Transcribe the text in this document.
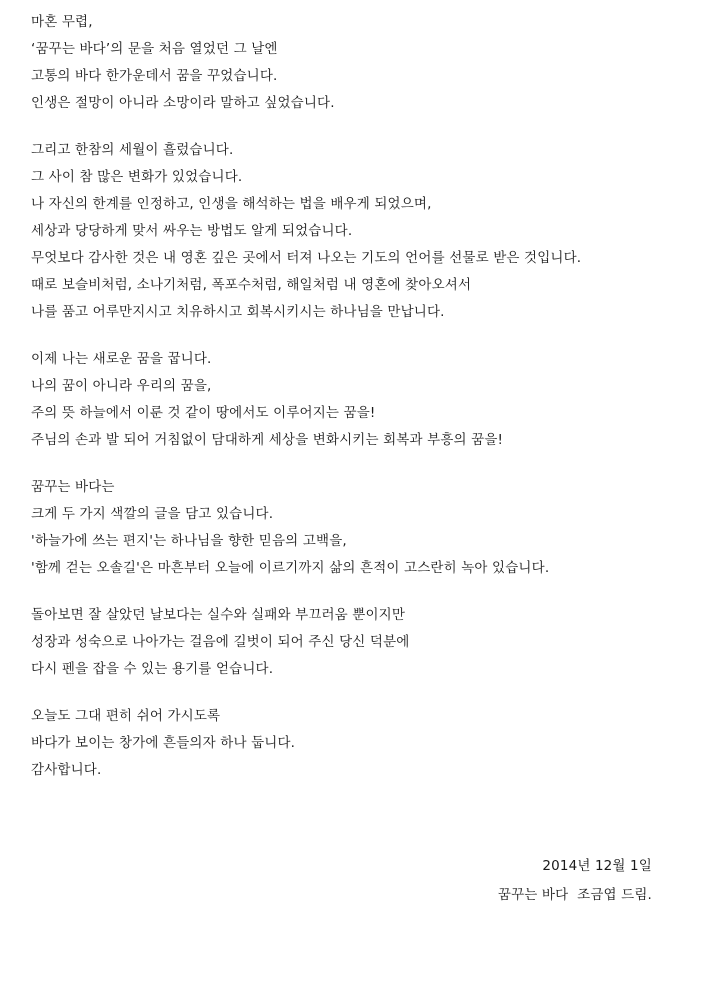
마혼 무렵,
‘꿈꾸는 바다’의 문을 처음 열었던 그 날엔
고통의 바다 한가운데서 꿈을 꾸었습니다.
인생은 절망이 아니라 소망이라 말하고 싶었습니다.
그리고 한참의 세월이 흘렀습니다.
그 사이 참 많은 변화가 있었습니다.
나 자신의 한계를 인정하고, 인생을 해석하는 법을 배우게 되었으며,
세상과 당당하게 맞서 싸우는 방법도 알게 되었습니다.
무엇보다 감사한 것은 내 영혼 깊은 곳에서 터져 나오는 기도의 언어를 선물로 받은 것입니다.
때로 보슬비처럼, 소나기처럼, 폭포수처럼, 해일처럼 내 영혼에 찾아오셔서
나를 품고 어루만지시고 치유하시고 회복시키시는 하나님을 만납니다.
이제 나는 새로운 꿈을 꿉니다.
나의 꿈이 아니라 우리의 꿈을,
주의 뜻 하늘에서 이룬 것 같이 땅에서도 이루어지는 꿈을!
주님의 손과 발 되어 거침없이 담대하게 세상을 변화시키는 회복과 부흥의 꿈을!
꿈꾸는 바다는
크게 두 가지 색깔의 글을 담고 있습니다.
'하늘가에 쓰는 편지'는 하나님을 향한 믿음의 고백을,
'함께 걷는 오솔길'은 마흔부터 오늘에 이르기까지 삶의 흔적이 고스란히 녹아 있습니다.
돌아보면 잘 살았던 날보다는 실수와 실패와 부끄러움 뿐이지만
성장과 성숙으로 나아가는 걸음에 길벗이 되어 주신 당신 덕분에
다시 펜을 잡을 수 있는 용기를 얻습니다.
오늘도 그대 편히 쉬어 가시도록
바다가 보이는 창가에 흔들의자 하나 둡니다.
감사합니다.
2014년 12월 1일
꿈꾸는 바다  조금엽 드림.
